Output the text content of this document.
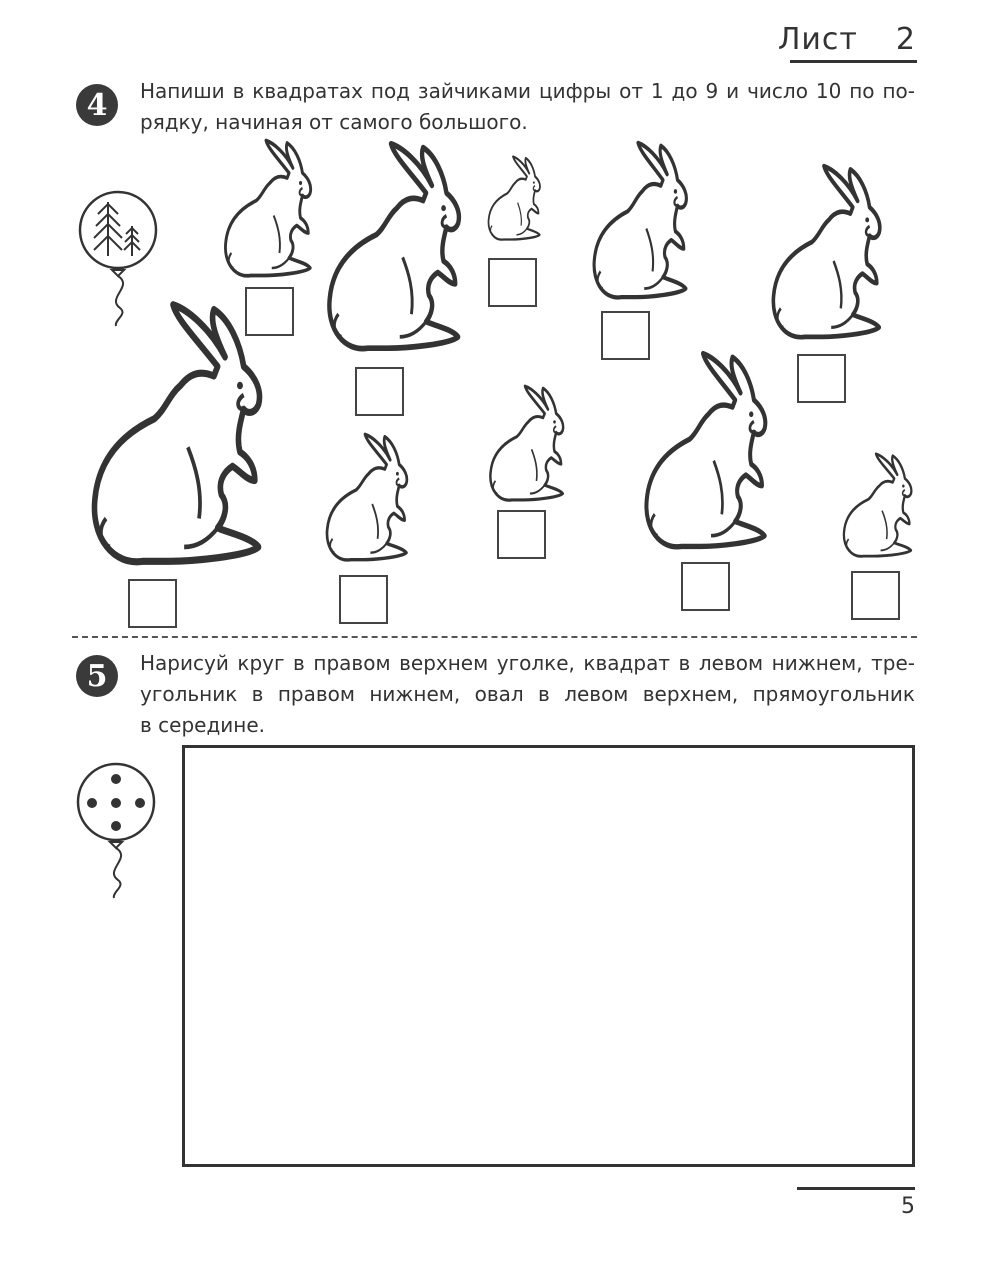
Лист 2
4	Напиши в квадратах под зайчиками цифры от 1 до 9 и число 10 по по-
рядку, начиная от самого большого.
5	Нарисуй круг в правом верхнем уголке, квадрат в левом нижнем, тре-
угольник в правом нижнем, овал в левом верхнем, прямоугольник
в середине.
5
